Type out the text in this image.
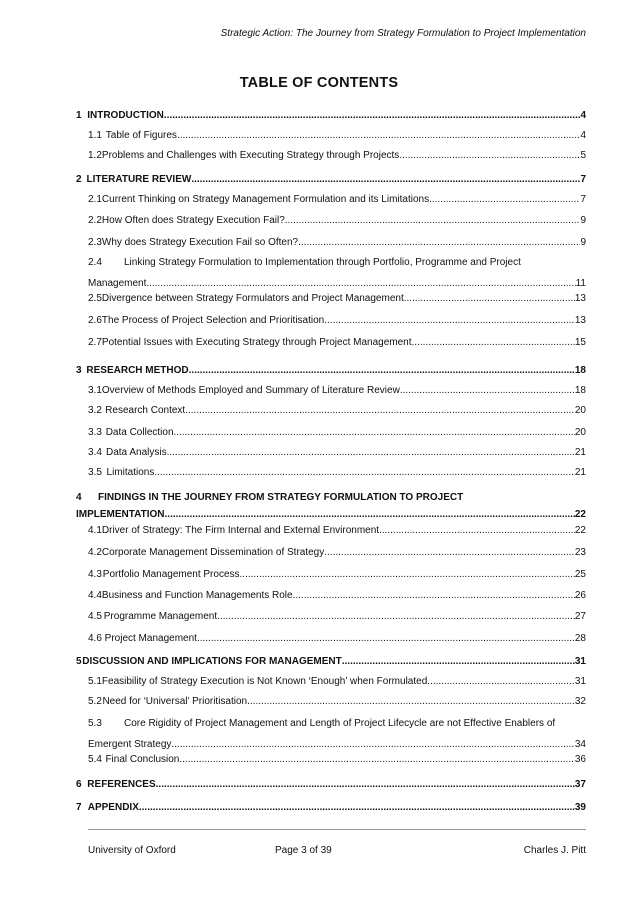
Strategic Action: The Journey from Strategy Formulation to Project Implementation
TABLE OF CONTENTS
1 INTRODUCTION .....	4
1.1 Table of Figures .....	4
1.2 Problems and Challenges with Executing Strategy through Projects .....	5
2 LITERATURE REVIEW .....	7
2.1 Current Thinking on Strategy Management Formulation and its Limitations .....	7
2.2 How Often does Strategy Execution Fail? .....	9
2.3 Why does Strategy Execution Fail so Often? .....	9
2.4	Linking Strategy Formulation to Implementation through Portfolio, Programme and Project
Management .....	11
2.5 Divergence between Strategy Formulators and Project Management .....	13
2.6 The Process of Project Selection and Prioritisation .....	13
2.7 Potential Issues with Executing Strategy through Project Management .....	15
3 RESEARCH METHOD .....	18
3.1 Overview of Methods Employed and Summary of Literature Review .....	18
3.2 Research Context .....	20
3.3 Data Collection .....	20
3.4 Data Analysis .....	21
3.5 Limitations .....	21
4	FINDINGS IN THE JOURNEY FROM STRATEGY FORMULATION TO PROJECT
IMPLEMENTATION .....	22
4.1 Driver of Strategy: The Firm Internal and External Environment .....	22
4.2 Corporate Management Dissemination of Strategy .....	23
4.3 Portfolio Management Process .....	25
4.4 Business and Function Managements Role .....	26
4.5 Programme Management .....	27
4.6 Project Management .....	28
5 DISCUSSION AND IMPLICATIONS FOR MANAGEMENT .....	31
5.1 Feasibility of Strategy Execution is Not Known ‘Enough’ when Formulated .....	31
5.2 Need for ‘Universal’ Prioritisation .....	32
5.3	Core Rigidity of Project Management and Length of Project Lifecycle are not Effective Enablers of
Emergent Strategy .....	34
5.4 Final Conclusion .....	36
6 REFERENCES .....	37
7 APPENDIX .....	39
University of Oxford	Page 3 of 39	Charles J. Pitt
